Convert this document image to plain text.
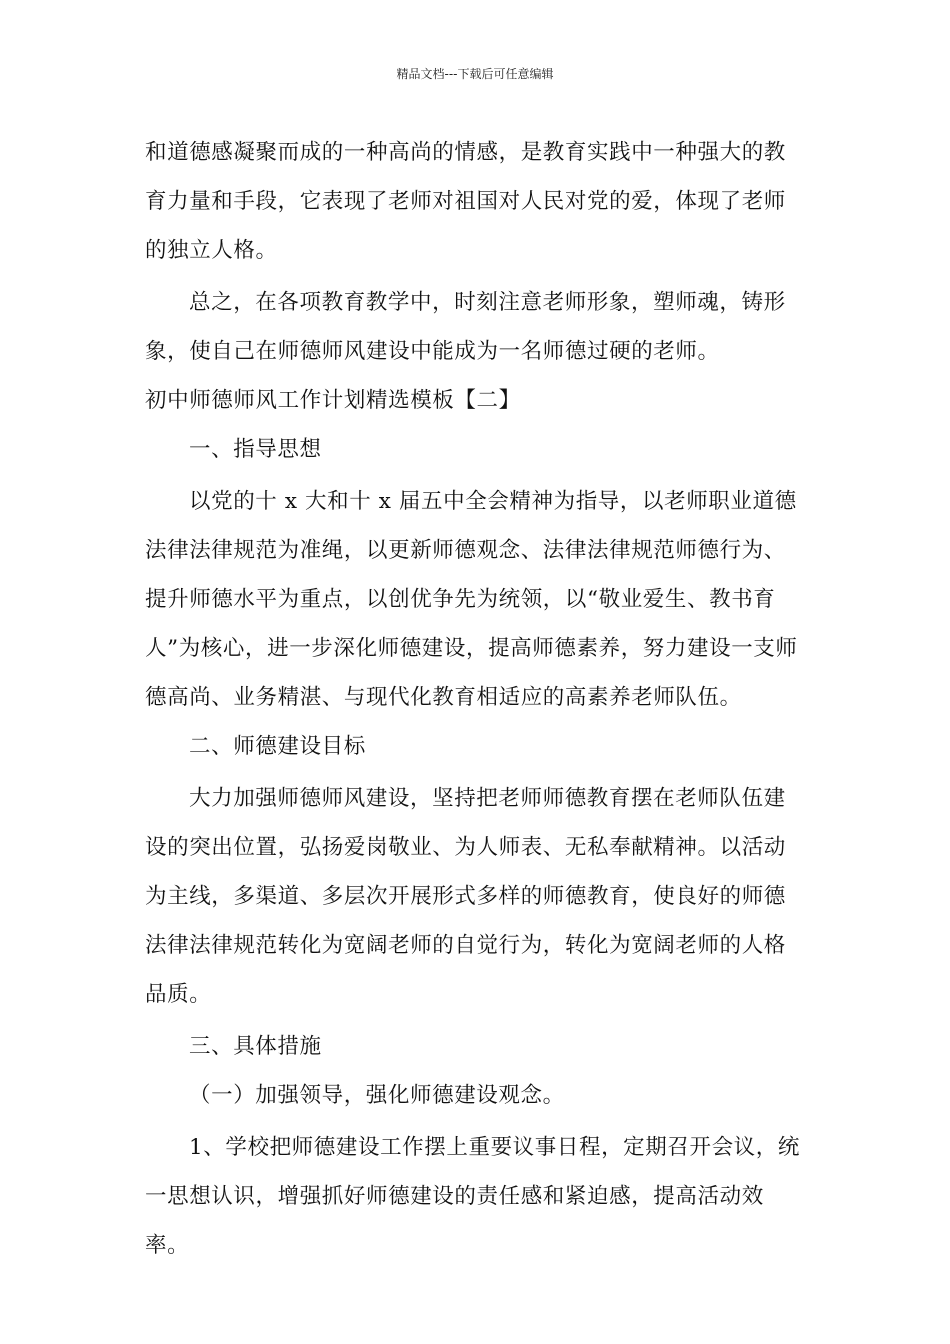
精品文档---下载后可任意编辑

和道德感凝聚而成的一种高尚的情感，是教育实践中一种强大的教育力量和手段，它表现了老师对祖国对人民对党的爱，体现了老师的独立人格。

总之，在各项教育教学中，时刻注意老师形象，塑师魂，铸形象，使自己在师德师风建设中能成为一名师德过硬的老师。

初中师德师风工作计划精选模板【二】

一、指导思想

以党的十 x 大和十 x 届五中全会精神为指导，以老师职业道德法律法律规范为准绳，以更新师德观念、法律法律规范师德行为、提升师德水平为重点，以创优争先为统领，以“敬业爱生、教书育人”为核心，进一步深化师德建设，提高师德素养，努力建设一支师德高尚、业务精湛、与现代化教育相适应的高素养老师队伍。

二、师德建设目标

大力加强师德师风建设，坚持把老师师德教育摆在老师队伍建设的突出位置，弘扬爱岗敬业、为人师表、无私奉献精神。以活动为主线，多渠道、多层次开展形式多样的师德教育，使良好的师德法律法律规范转化为宽阔老师的自觉行为，转化为宽阔老师的人格品质。

三、具体措施

（一）加强领导，强化师德建设观念。

1、学校把师德建设工作摆上重要议事日程，定期召开会议，统一思想认识，增强抓好师德建设的责任感和紧迫感，提高活动效率。
